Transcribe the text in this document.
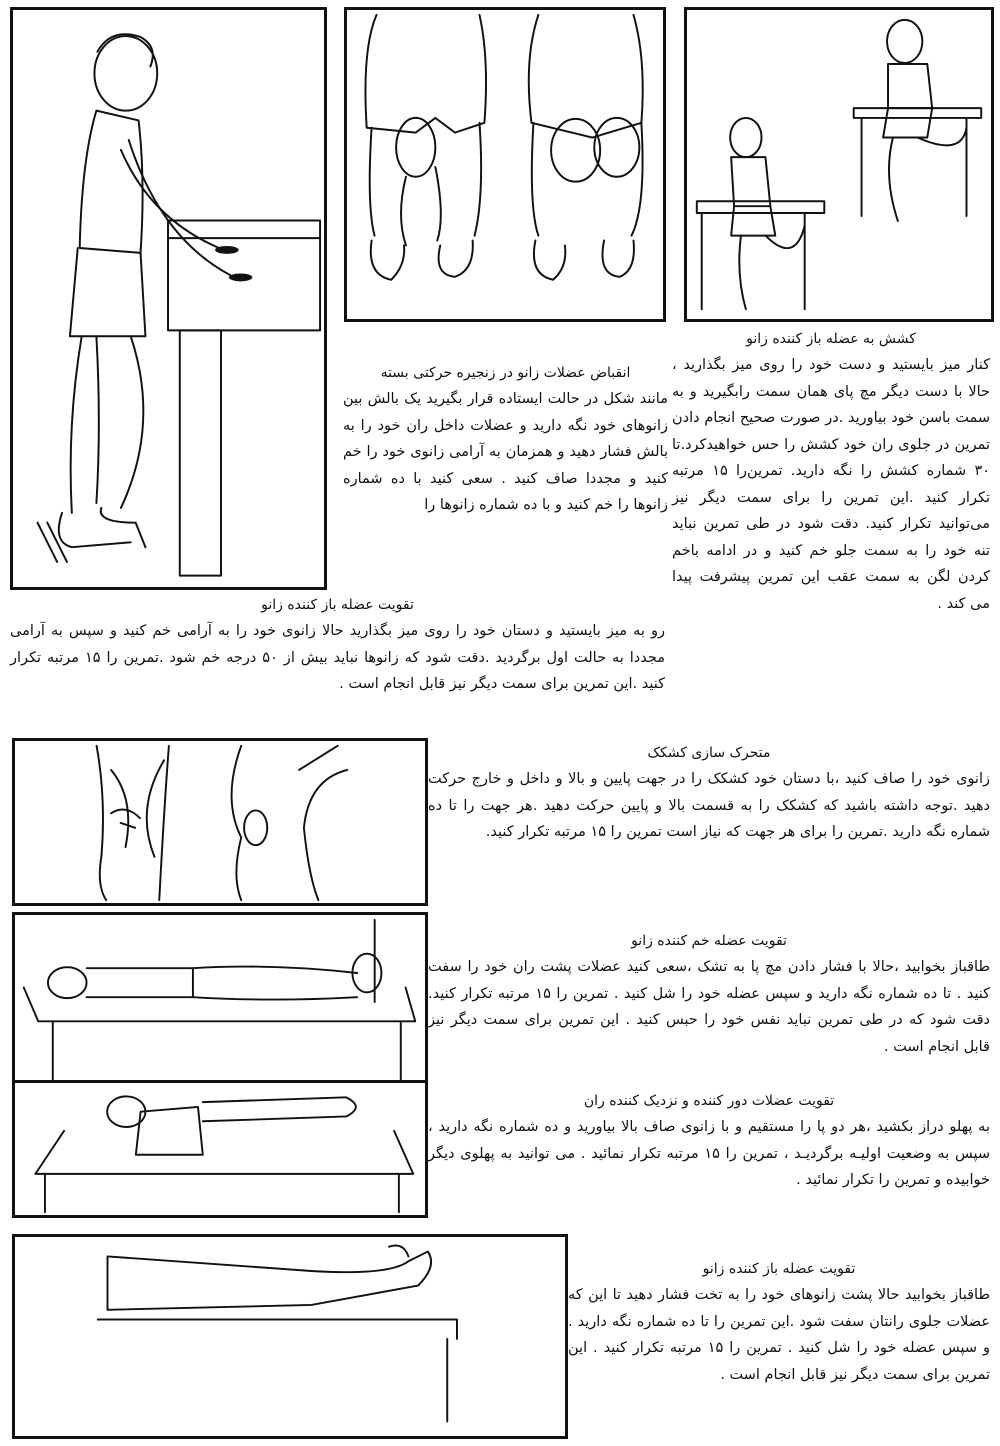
کشش به عضله باز کننده زانو
کنار میز بایستید و دست خود را روی میز بگذارید ، حالا با دست دیگر مچ پای همان سمت رابگیرید و به سمت باسن خود بیاورید .در صورت صحیح انجام دادن تمرین در جلوی ران خود کشش را حس خواهیدکرد.تا ۳۰ شماره کشش را نگه دارید. تمرین‌را ۱۵ مرتبه تکرار کنید .این تمرین را برای سمت دیگر نیز می‌توانید تکرار کنید. دقت شود در طی تمرین نباید تنه خود را به سمت جلو خم کنید و در ادامه باخم کردن لگن به سمت عقب این تمرین پیشرفت پیدا می کند .
انقباض عضلات زانو در زنجیره حرکتی بسته
مانند شکل در حالت ایستاده قرار بگیرید یک بالش بین زانوهای خود نگه دارید و عضلات داخل ران خود را به بالش فشار دهید و همزمان به آرامی زانوی خود را خم کنید و مجددا صاف کنید . سعی کنید با ده شماره زانوها را خم کنید و با ده شماره زانوها را
تقویت عضله باز کننده زانو
رو به میز بایستید و دستان خود را روی میز بگذارید حالا زانوی خود را به آرامی خم کنید و سپس به آرامی مجددا به حالت اول برگردید .دقت شود که زانوها نباید بیش از ۵۰ درجه خم شود .تمرین را ۱۵ مرتبه تکرار کنید .این تمرین برای سمت دیگر نیز قابل انجام است .
متحرک سازی کشکک
زانوی خود را صاف کنید ،با دستان خود کشکک را در جهت پایین و بالا و داخل و خارج حرکت دهید .توجه داشته باشید که کشکک را به قسمت بالا و پایین حرکت دهید .هر جهت را تا ده شماره نگه دارید .تمرین را برای هر جهت که نیاز است تمرین را ۱۵ مرتبه تکرار کنید.
تقویت عضله خم کننده زانو
طاقباز بخوابید ،حالا با فشار دادن مچ پا به تشک ،سعی کنید عضلات پشت ران خود را سفت کنید . تا ده شماره نگه دارید و سپس عضله خود را شل کنید . تمرین را ۱۵ مرتبه تکرار کنید. دقت شود که در طی تمرین نباید نفس خود را حبس کنید . این تمرین برای سمت دیگر نیز قابل انجام است .
تقویت عضلات دور کننده و نزدیک کننده ران
به پهلو دراز بکشید ،هر دو پا را مستقیم و با زانوی صاف بالا بیاورید و ده شماره نگه دارید ، سپس به وضعیت اولیـه برگردیـد ، تمرین را ۱۵ مرتبه تکرار نمائید . می توانید به پهلوی دیگر خوابیده و تمرین را تکرار نمائید .
تقویت عضله باز کننده زانو
طاقباز بخوابید حالا پشت زانوهای خود را به تخت فشار دهید تا این که عضلات جلوی رانتان سفت شود .این تمرین را تا ده شماره نگه دارید . و سپس عضله خود را شل کنید . تمرین را ۱۵ مرتبه تکرار کنید . این تمرین برای سمت دیگر نیز قابل انجام است .
